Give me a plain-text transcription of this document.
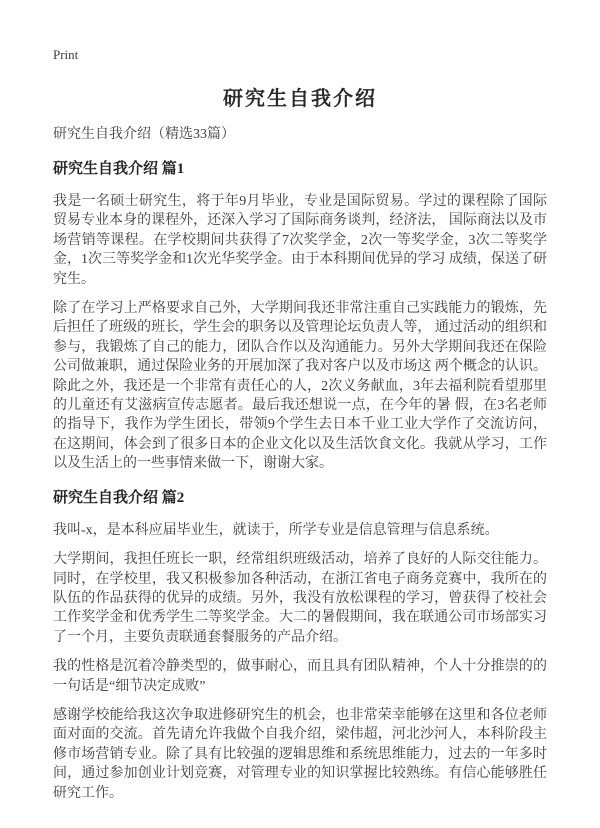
Print
研究生自我介绍
研究生自我介绍（精选33篇）
研究生自我介绍 篇1

我是一名硕士研究生，将于年9月毕业，专业是国际贸易。学过的课程除了国际贸易专业本身的课程外，还深入学习了国际商务谈判，经济法， 国际商法以及市场营销等课程。在学校期间共获得了7次奖学金，2次一等奖学金，3次二等奖学金，1次三等奖学金和1次光华奖学金。由于本科期间优异的学习 成绩，保送了研究生。

除了在学习上严格要求自己外，大学期间我还非常注重自己实践能力的锻炼，先后担任了班级的班长，学生会的职务以及管理论坛负责人等， 通过活动的组织和参与，我锻炼了自己的能力，团队合作以及沟通能力。另外大学期间我还在保险公司做兼职，通过保险业务的开展加深了我对客户以及市场这 两个概念的认识。除此之外，我还是一个非常有责任心的人，2次义务献血，3年去福利院看望那里的儿童还有艾滋病宣传志愿者。最后我还想说一点，在今年的暑 假，在3名老师的指导下，我作为学生团长，带领9个学生去日本千业工业大学作了交流访问，在这期间，体会到了很多日本的企业文化以及生活饮食文化。我就从学习，工作以及生活上的一些事情来做一下，谢谢大家。

研究生自我介绍 篇2

我叫-x，是本科应届毕业生，就读于，所学专业是信息管理与信息系统。

大学期间，我担任班长一职，经常组织班级活动，培养了良好的人际交往能力。同时，在学校里，我又积极参加各种活动，在浙江省电子商务竞赛中，我所在的队伍的作品获得的优异的成绩。另外，我没有放松课程的学习，曾获得了校社会工作奖学金和优秀学生二等奖学金。大二的暑假期间，我在联通公司市场部实习了一个月，主要负责联通套餐服务的产品介绍。

我的性格是沉着冷静类型的，做事耐心，而且具有团队精神，个人十分推崇的的一句话是“细节决定成败”

感谢学校能给我这次争取进修研究生的机会，也非常荣幸能够在这里和各位老师面对面的交流。首先请允许我做个自我介绍，梁伟超，河北沙河人，本科阶段主修市场营销专业。除了具有比较强的逻辑思维和系统思维能力，过去的一年多时间，通过参加创业计划竞赛，对管理专业的知识掌握比较熟练。有信心能够胜任研究工作。
